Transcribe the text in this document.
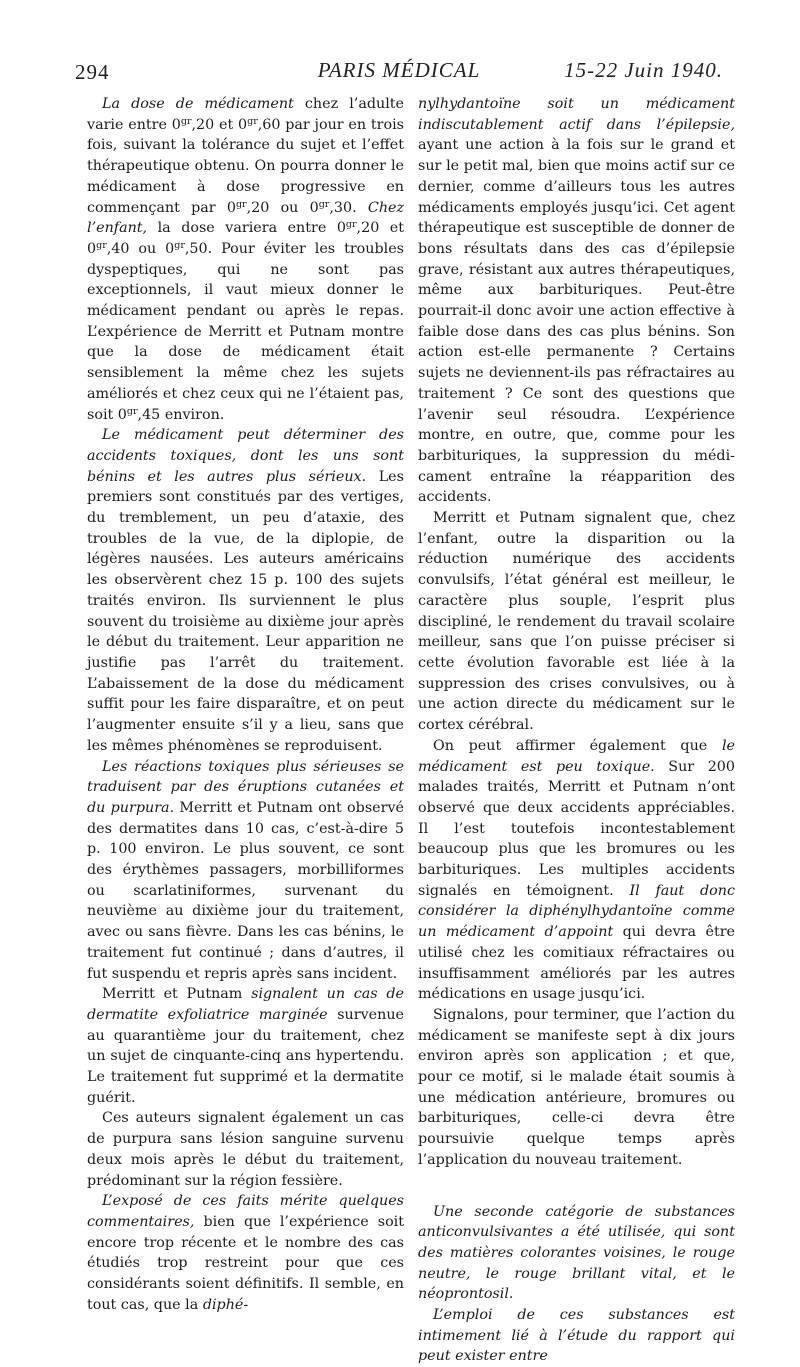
294	PARIS MÉDICAL	15-22 Juin 1940.

La dose de médicament chez l’adulte varie entre $0^{gr},20$ et $0^{gr},60$ par jour en trois fois, suivant la tolérance du sujet et l’effet thérapeutique obtenu. On pourra donner le médicament à dose progressive en commençant par $0^{gr},20$ ou $0^{gr},30$. Chez l’enfant, la dose variera entre $0^{gr},20$ et $0^{gr},40$ ou $0^{gr},50$. Pour éviter les troubles dyspeptiques, qui ne sont pas exceptionnels, il vaut mieux donner le médicament pendant ou après le repas. L’expérience de Merritt et Putnam montre que la dose de médicament était sensiblement la même chez les sujets améliorés et chez ceux qui ne l’étaient pas, soit $0^{gr},45$ environ.

Le médicament peut déterminer des accidents toxiques, dont les uns sont bénins et les autres plus sérieux. Les premiers sont constitués par des vertiges, du tremblement, un peu d’ataxie, des troubles de la vue, de la diplopie, de légères nausées. Les auteurs américains les observèrent chez 15 p. 100 des sujets traités environ. Ils surviennent le plus souvent du troisième au dixième jour après le début du traitement. Leur apparition ne justifie pas l’arrêt du traitement. L’abaissement de la dose du médicament suffit pour les faire disparaître, et on peut l’augmenter ensuite s’il y a lieu, sans que les mêmes phénomènes se reproduisent.

Les réactions toxiques plus sérieuses se traduisent par des éruptions cutanées et du purpura. Merritt et Putnam ont observé des dermatites dans 10 cas, c’est-à-dire 5 p. 100 environ. Le plus souvent, ce sont des érythèmes passagers, morbilliformes ou scarlatiniformes, survenant du neuvième au dixième jour du traitement, avec ou sans fièvre. Dans les cas bénins, le traitement fut continué ; dans d’autres, il fut suspendu et repris après sans incident.

Merritt et Putnam signalent un cas de dermatite exfoliatrice marginée survenue au quarantième jour du traitement, chez un sujet de cinquante-cinq ans hypertendu. Le traitement fut supprimé et la dermatite guérit.

Ces auteurs signalent également un cas de purpura sans lésion sanguine survenu deux mois après le début du traitement, prédominant sur la région fessière.

L’exposé de ces faits mérite quelques commentaires, bien que l’expérience soit encore trop récente et le nombre des cas étudiés trop restreint pour que ces considérants soient définitifs. Il semble, en tout cas, que la diphé-

nylhydantoïne soit un médicament indiscutablement actif dans l’épilepsie, ayant une action à la fois sur le grand et sur le petit mal, bien que moins actif sur ce dernier, comme d’ailleurs tous les autres médicaments employés jusqu’ici. Cet agent thérapeutique est susceptible de donner de bons résultats dans des cas d’épilepsie grave, résistant aux autres thérapeutiques, même aux barbituriques. Peut-être pourrait-il donc avoir une action effective à faible dose dans des cas plus bénins. Son action est-elle permanente ? Certains sujets ne deviennent-ils pas réfractaires au traitement ? Ce sont des questions que l’avenir seul résoudra. L’expérience montre, en outre, que, comme pour les barbituriques, la suppression du médicament entraîne la réapparition des accidents.

Merritt et Putnam signalent que, chez l’enfant, outre la disparition ou la réduction numérique des accidents convulsifs, l’état général est meilleur, le caractère plus souple, l’esprit plus discipliné, le rendement du travail scolaire meilleur, sans que l’on puisse préciser si cette évolution favorable est liée à la suppression des crises convulsives, ou à une action directe du médicament sur le cortex cérébral.

On peut affirmer également que le médicament est peu toxique. Sur 200 malades traités, Merritt et Putnam n’ont observé que deux accidents appréciables. Il l’est toutefois incontestablement beaucoup plus que les bromures ou les barbituriques. Les multiples accidents signalés en témoignent. Il faut donc considérer la diphénylhydantoïne comme un médicament d’appoint qui devra être utilisé chez les comitiaux réfractaires ou insuffisamment améliorés par les autres médications en usage jusqu’ici.

Signalons, pour terminer, que l’action du médicament se manifeste sept à dix jours environ après son application ; et que, pour ce motif, si le malade était soumis à une médication antérieure, bromures ou barbituriques, celle-ci devra être poursuivie quelque temps après l’application du nouveau traitement.

Une seconde catégorie de substances anticonvulsivantes a été utilisée, qui sont des matières colorantes voisines, le rouge neutre, le rouge brillant vital, et le néoprontosil.

L’emploi de ces substances est intimement lié à l’étude du rapport qui peut exister entre
